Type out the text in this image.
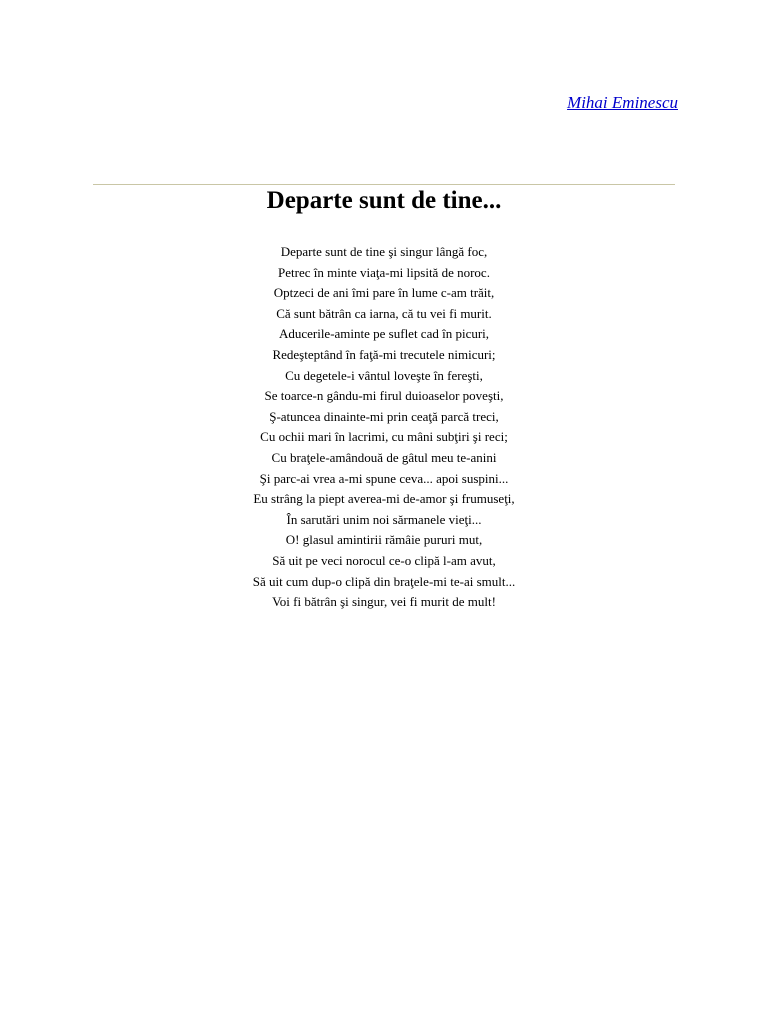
Mihai Eminescu
Departe sunt de tine...
Departe sunt de tine şi singur lângă foc,
Petrec în minte viaţa-mi lipsită de noroc.
Optzeci de ani îmi pare în lume c-am trăit,
Că sunt bătrân ca iarna, că tu vei fi murit.
Aducerile-aminte pe suflet cad în picuri,
Redeşteptând în faţă-mi trecutele nimicuri;
Cu degetele-i vântul loveşte în fereşti,
Se toarce-n gându-mi firul duioaselor poveşti,
Ş-atuncea dinainte-mi prin ceaţă parcă treci,
Cu ochii mari în lacrimi, cu mâni subţiri şi reci;
Cu braţele-amândouă de gâtul meu te-anini
Şi parc-ai vrea a-mi spune ceva... apoi suspini...
Eu strâng la piept averea-mi de-amor şi frumuseţi,
În sarutări unim noi sărmanele vieţi...
O! glasul amintirii rămâie pururi mut,
Să uit pe veci norocul ce-o clipă l-am avut,
Să uit cum dup-o clipă din braţele-mi te-ai smult...
Voi fi bătrân şi singur, vei fi murit de mult!
